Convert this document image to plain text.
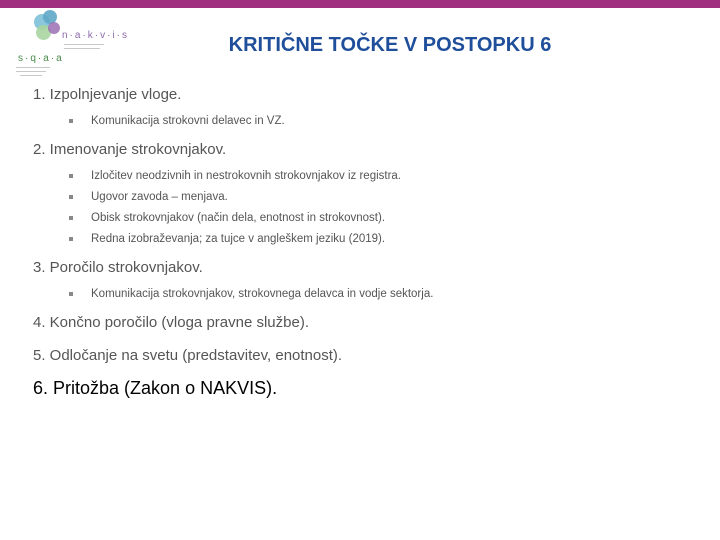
n·a·k·v·i·s
s·q·a·a
KRITIČNE TOČKE V POSTOPKU 6
1. Izpolnjevanje vloge.
Komunikacija strokovni delavec in VZ.
2. Imenovanje strokovnjakov.
Izločitev neodzivnih in nestrokovnih strokovnjakov iz registra.
Ugovor zavoda – menjava.
Obisk strokovnjakov (način dela, enotnost in strokovnost).
Redna izobraževanja; za tujce v angleškem jeziku (2019).
3. Poročilo strokovnjakov.
Komunikacija strokovnjakov, strokovnega delavca in vodje sektorja.
4. Končno poročilo (vloga pravne službe).
5. Odločanje na svetu (predstavitev, enotnost).
6. Pritožba (Zakon o NAKVIS).
